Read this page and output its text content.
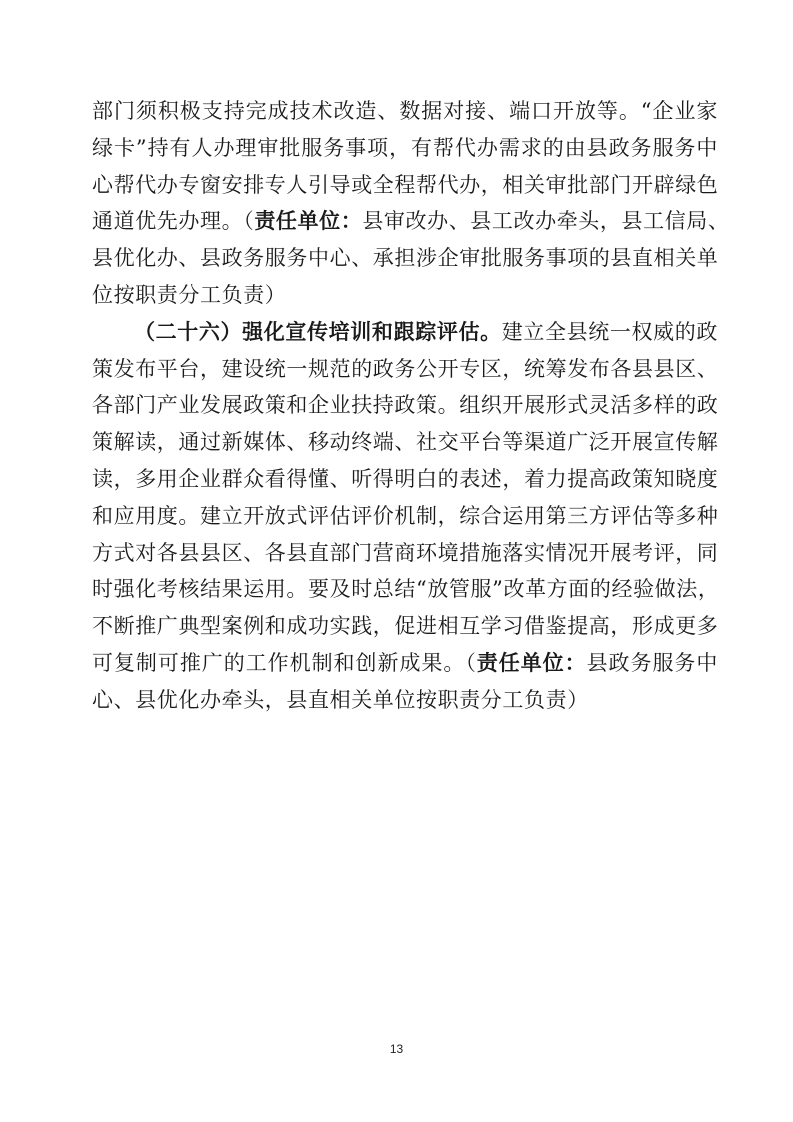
部门须积极支持完成技术改造、数据对接、端口开放等。“企业家
绿卡”持有人办理审批服务事项，有帮代办需求的由县政务服务中
心帮代办专窗安排专人引导或全程帮代办，相关审批部门开辟绿色
通道优先办理。（责任单位：县审改办、县工改办牵头，县工信局、
县优化办、县政务服务中心、承担涉企审批服务事项的县直相关单
位按职责分工负责）
（二十六）强化宣传培训和跟踪评估。建立全县统一权威的政
策发布平台，建设统一规范的政务公开专区，统筹发布各县县区、
各部门产业发展政策和企业扶持政策。组织开展形式灵活多样的政
策解读，通过新媒体、移动终端、社交平台等渠道广泛开展宣传解
读，多用企业群众看得懂、听得明白的表述，着力提高政策知晓度
和应用度。建立开放式评估评价机制，综合运用第三方评估等多种
方式对各县县区、各县直部门营商环境措施落实情况开展考评，同
时强化考核结果运用。要及时总结“放管服”改革方面的经验做法，
不断推广典型案例和成功实践，促进相互学习借鉴提高，形成更多
可复制可推广的工作机制和创新成果。（责任单位：县政务服务中
心、县优化办牵头，县直相关单位按职责分工负责）
13
